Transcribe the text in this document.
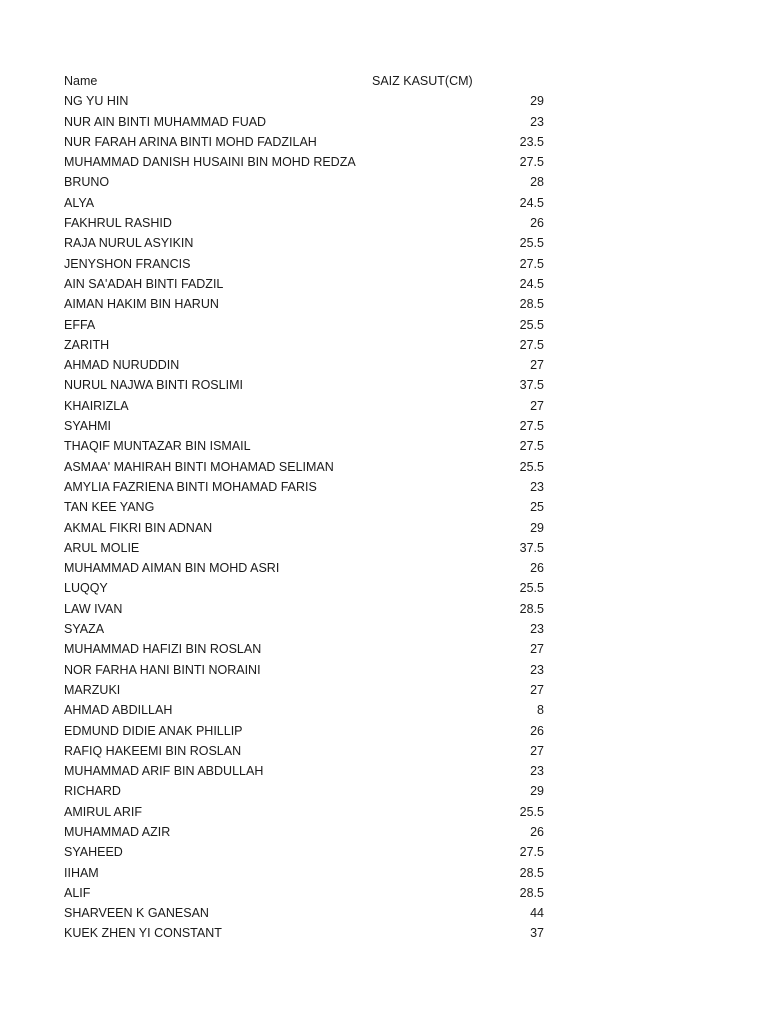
Name	SAIZ KASUT(CM)
NG YU HIN	29
NUR AIN BINTI MUHAMMAD FUAD	23
NUR FARAH ARINA BINTI MOHD FADZILAH	23.5
MUHAMMAD DANISH HUSAINI BIN MOHD REDZA	27.5
BRUNO	28
ALYA	24.5
FAKHRUL RASHID	26
RAJA NURUL ASYIKIN	25.5
JENYSHON FRANCIS	27.5
AIN SA'ADAH BINTI FADZIL	24.5
AIMAN HAKIM BIN HARUN	28.5
EFFA	25.5
ZARITH	27.5
AHMAD NURUDDIN	27
NURUL NAJWA BINTI ROSLIMI	37.5
KHAIRIZLA	27
SYAHMI	27.5
THAQIF MUNTAZAR BIN ISMAIL	27.5
ASMAA' MAHIRAH BINTI MOHAMAD SELIMAN	25.5
AMYLIA FAZRIENA BINTI MOHAMAD FARIS	23
TAN KEE YANG	25
AKMAL FIKRI BIN ADNAN	29
ARUL MOLIE	37.5
MUHAMMAD AIMAN BIN MOHD ASRI	26
LUQQY	25.5
LAW IVAN	28.5
SYAZA	23
MUHAMMAD HAFIZI BIN ROSLAN	27
NOR FARHA HANI BINTI NORAINI	23
MARZUKI	27
AHMAD ABDILLAH	8
EDMUND DIDIE ANAK PHILLIP	26
RAFIQ HAKEEMI BIN ROSLAN	27
MUHAMMAD ARIF BIN ABDULLAH	23
RICHARD	29
AMIRUL ARIF	25.5
MUHAMMAD AZIR	26
SYAHEED	27.5
IIHAM	28.5
ALIF	28.5
SHARVEEN K GANESAN	44
KUEK ZHEN YI CONSTANT	37
